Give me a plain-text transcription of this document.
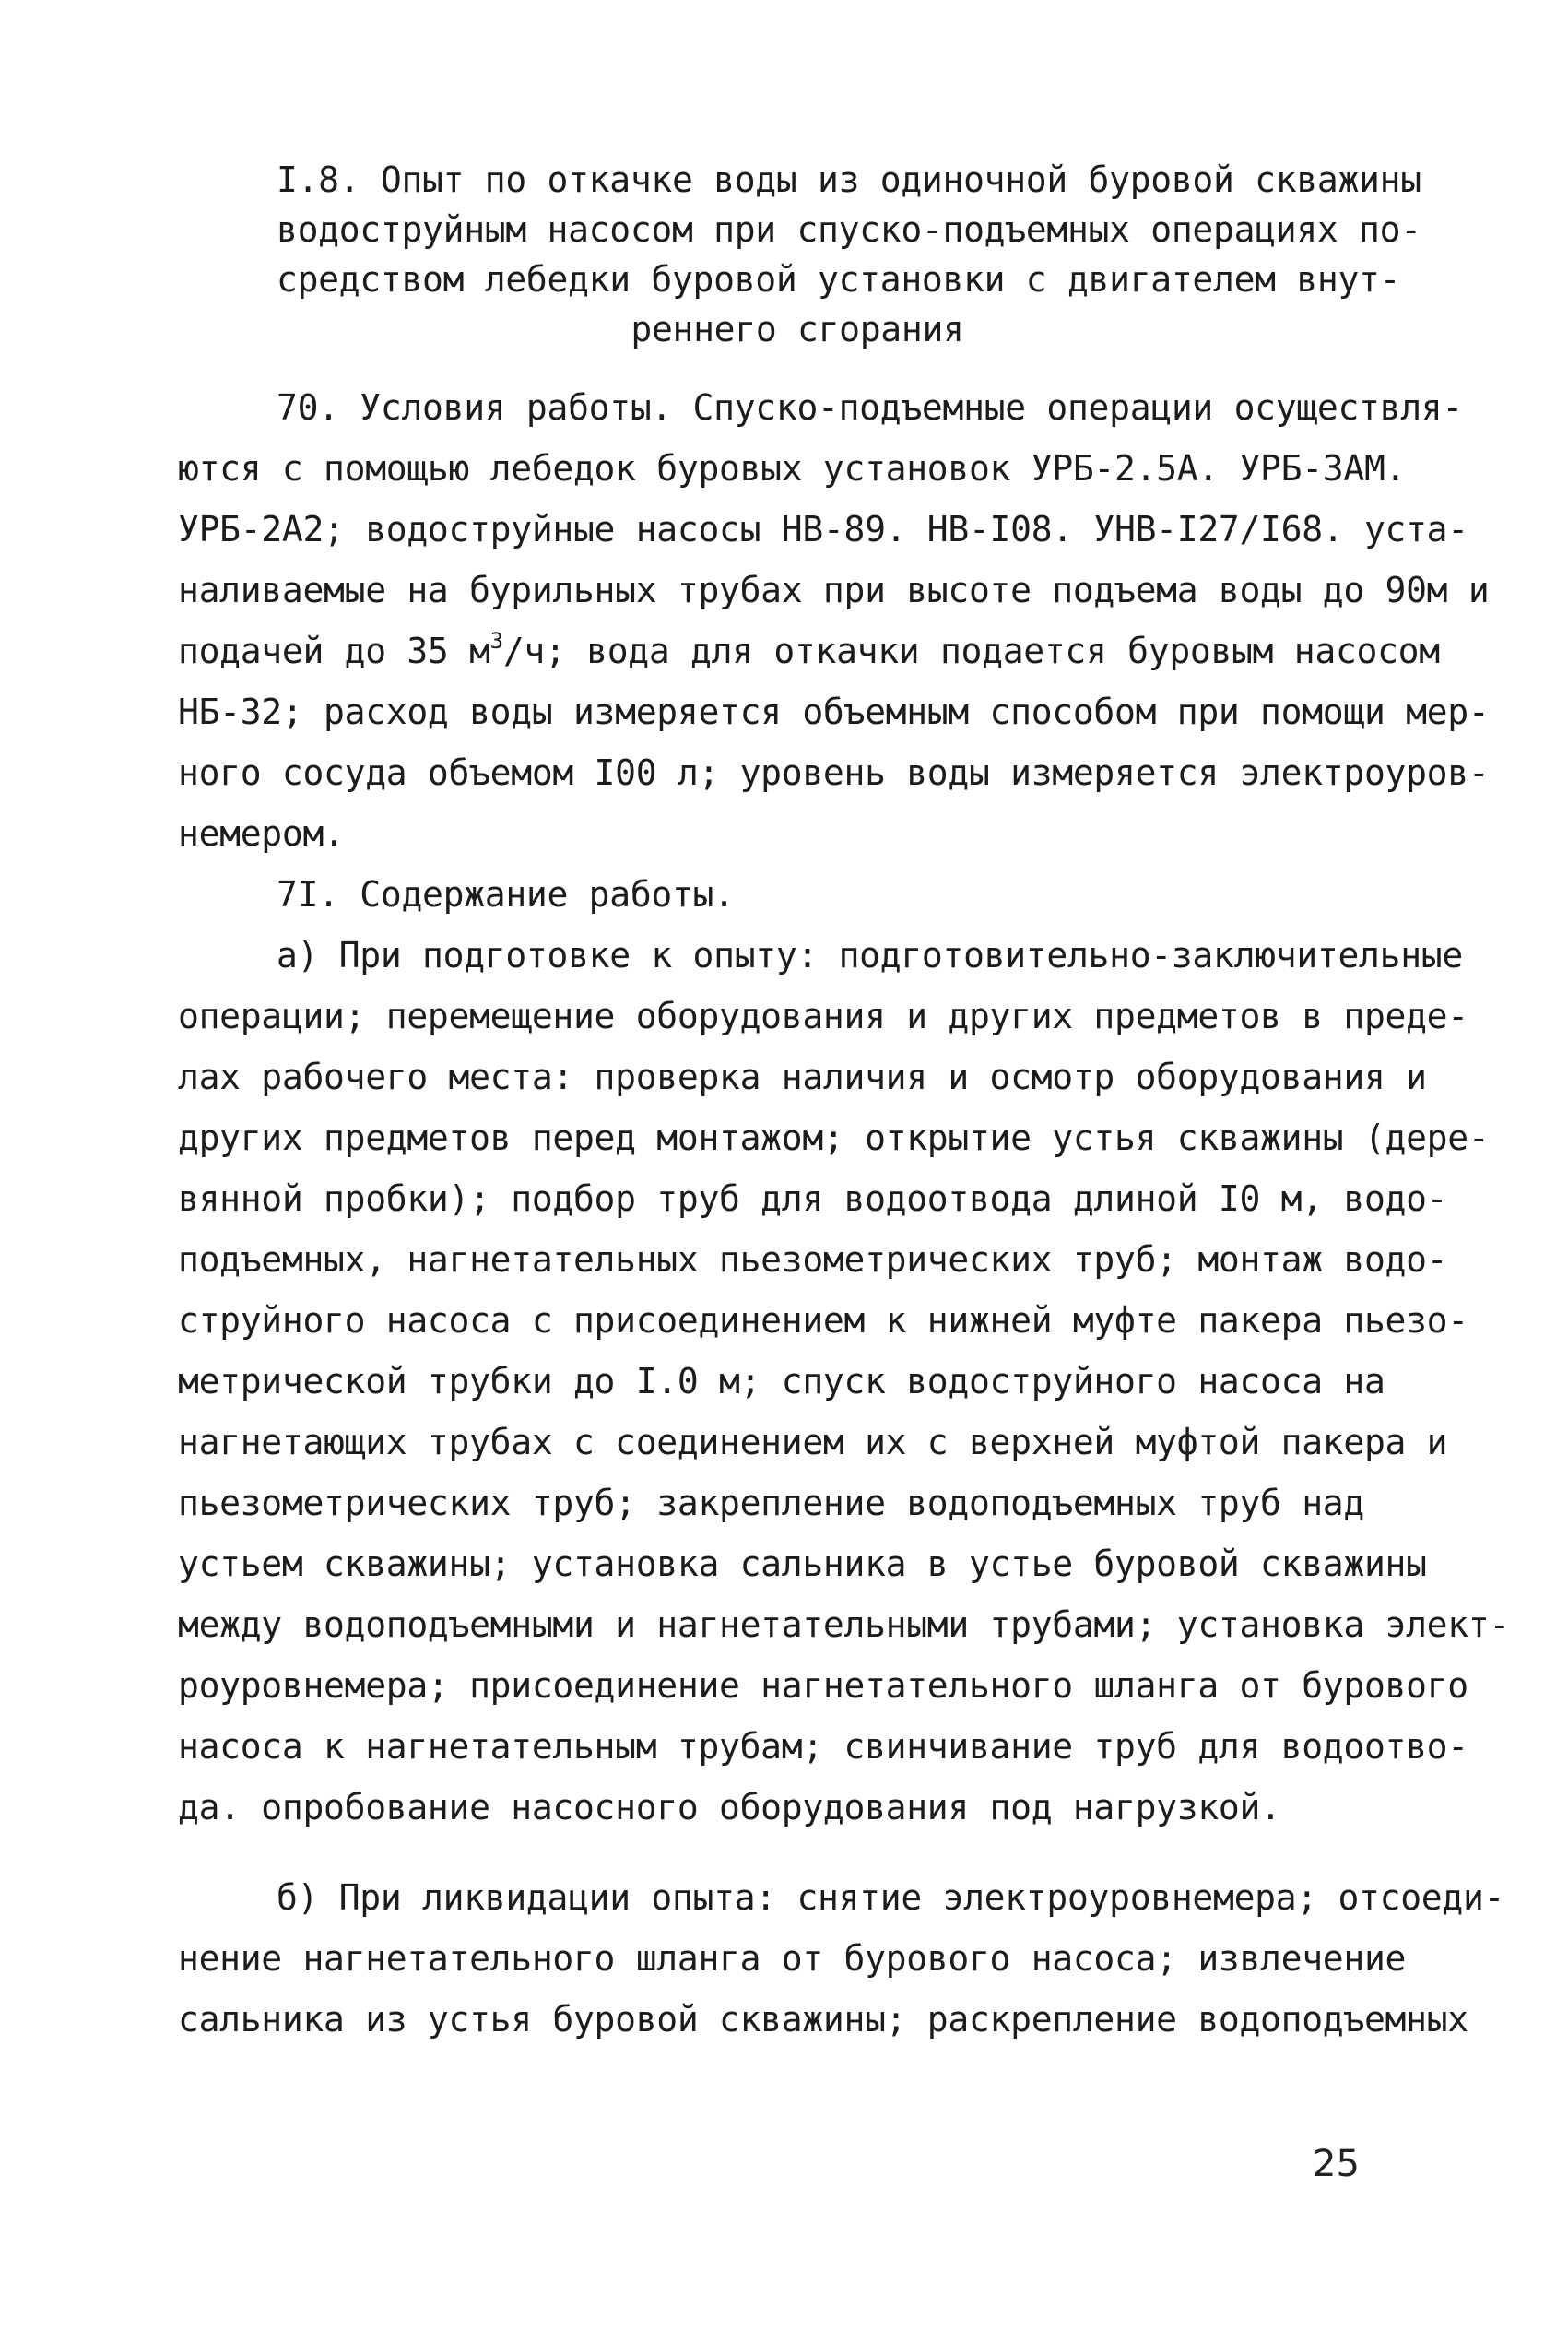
I.8. Опыт по откачке воды из одиночной буровой скважины
водоструйным насосом при спуско-подъемных операциях по-
средством лебедки буровой установки с двигателем внут-
реннего сгорания
70. Условия работы. Спуско-подъемные операции осуществля-
ются с помощью лебедок буровых установок УРБ-2.5А. УРБ-ЗАМ.
УРБ-2А2; водоструйные насосы НВ-89. НВ-I08. УНВ-I27/I68. уста-
наливаемые на бурильных трубах при высоте подъема воды до 90м и
подачей до 35 $м^3/ч$; вода для откачки подается буровым насосом
НБ-32; расход воды измеряется объемным способом при помощи мер-
ного сосуда объемом I00 л; уровень воды измеряется электроуров-
немером.
7I. Содержание работы.
а) При подготовке к опыту: подготовительно-заключительные
операции; перемещение оборудования и других предметов в преде-
лах рабочего места: проверка наличия и осмотр оборудования и
других предметов перед монтажом; открытие устья скважины (дере-
вянной пробки); подбор труб для водоотвода длиной I0 м, водо-
подъемных, нагнетательных пьезометрических труб; монтаж водо-
струйного насоса с присоединением к нижней муфте пакера пьезо-
метрической трубки до I.0 м; спуск водоструйного насоса на
нагнетающих трубах с соединением их с верхней муфтой пакера и
пьезометрических труб; закрепление водоподъемных труб над
устьем скважины; установка сальника в устье буровой скважины
между водоподъемными и нагнетательными трубами; установка элект-
роуровнемера; присоединение нагнетательного шланга от бурового
насоса к нагнетательным трубам; свинчивание труб для водоотво-
да. опробование насосного оборудования под нагрузкой.
б) При ликвидации опыта: снятие электроуровнемера; отсоеди-
нение нагнетательного шланга от бурового насоса; извлечение
сальника из устья буровой скважины; раскрепление водоподъемных
25
